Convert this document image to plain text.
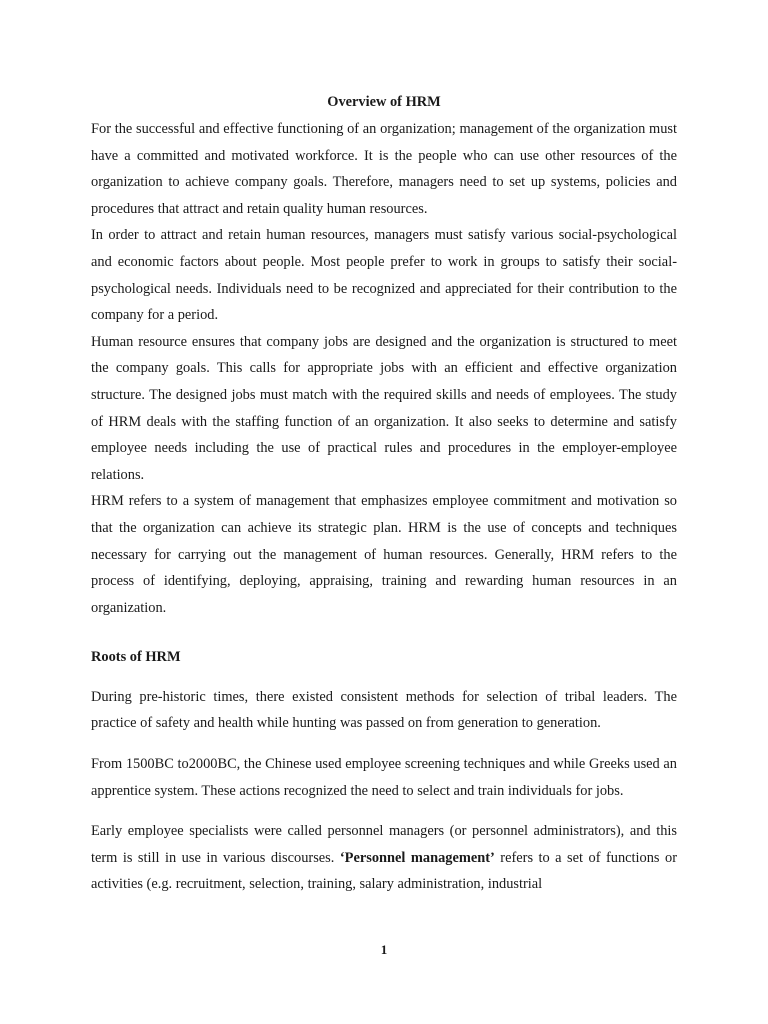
Overview of HRM

For the successful and effective functioning of an organization; management of the organization must have a committed and motivated workforce. It is the people who can use other resources of the organization to achieve company goals. Therefore, managers need to set up systems, policies and procedures that attract and retain quality human resources.

In order to attract and retain human resources, managers must satisfy various social-psychological and economic factors about people. Most people prefer to work in groups to satisfy their social-psychological needs. Individuals need to be recognized and appreciated for their contribution to the company for a period.

Human resource ensures that company jobs are designed and the organization is structured to meet the company goals. This calls for appropriate jobs with an efficient and effective organization structure. The designed jobs must match with the required skills and needs of employees. The study of HRM deals with the staffing function of an organization. It also seeks to determine and satisfy employee needs including the use of practical rules and procedures in the employer-employee relations.

HRM refers to a system of management that emphasizes employee commitment and motivation so that the organization can achieve its strategic plan. HRM is the use of concepts and techniques necessary for carrying out the management of human resources. Generally, HRM refers to the process of identifying, deploying, appraising, training and rewarding human resources in an organization.

Roots of HRM

During pre-historic times, there existed consistent methods for selection of tribal leaders. The practice of safety and health while hunting was passed on from generation to generation.

From 1500BC to2000BC, the Chinese used employee screening techniques and while Greeks used an apprentice system. These actions recognized the need to select and train individuals for jobs.

Early employee specialists were called personnel managers (or personnel administrators), and this term is still in use in various discourses. ‘Personnel management’ refers to a set of functions or activities (e.g. recruitment, selection, training, salary administration, industrial

1
